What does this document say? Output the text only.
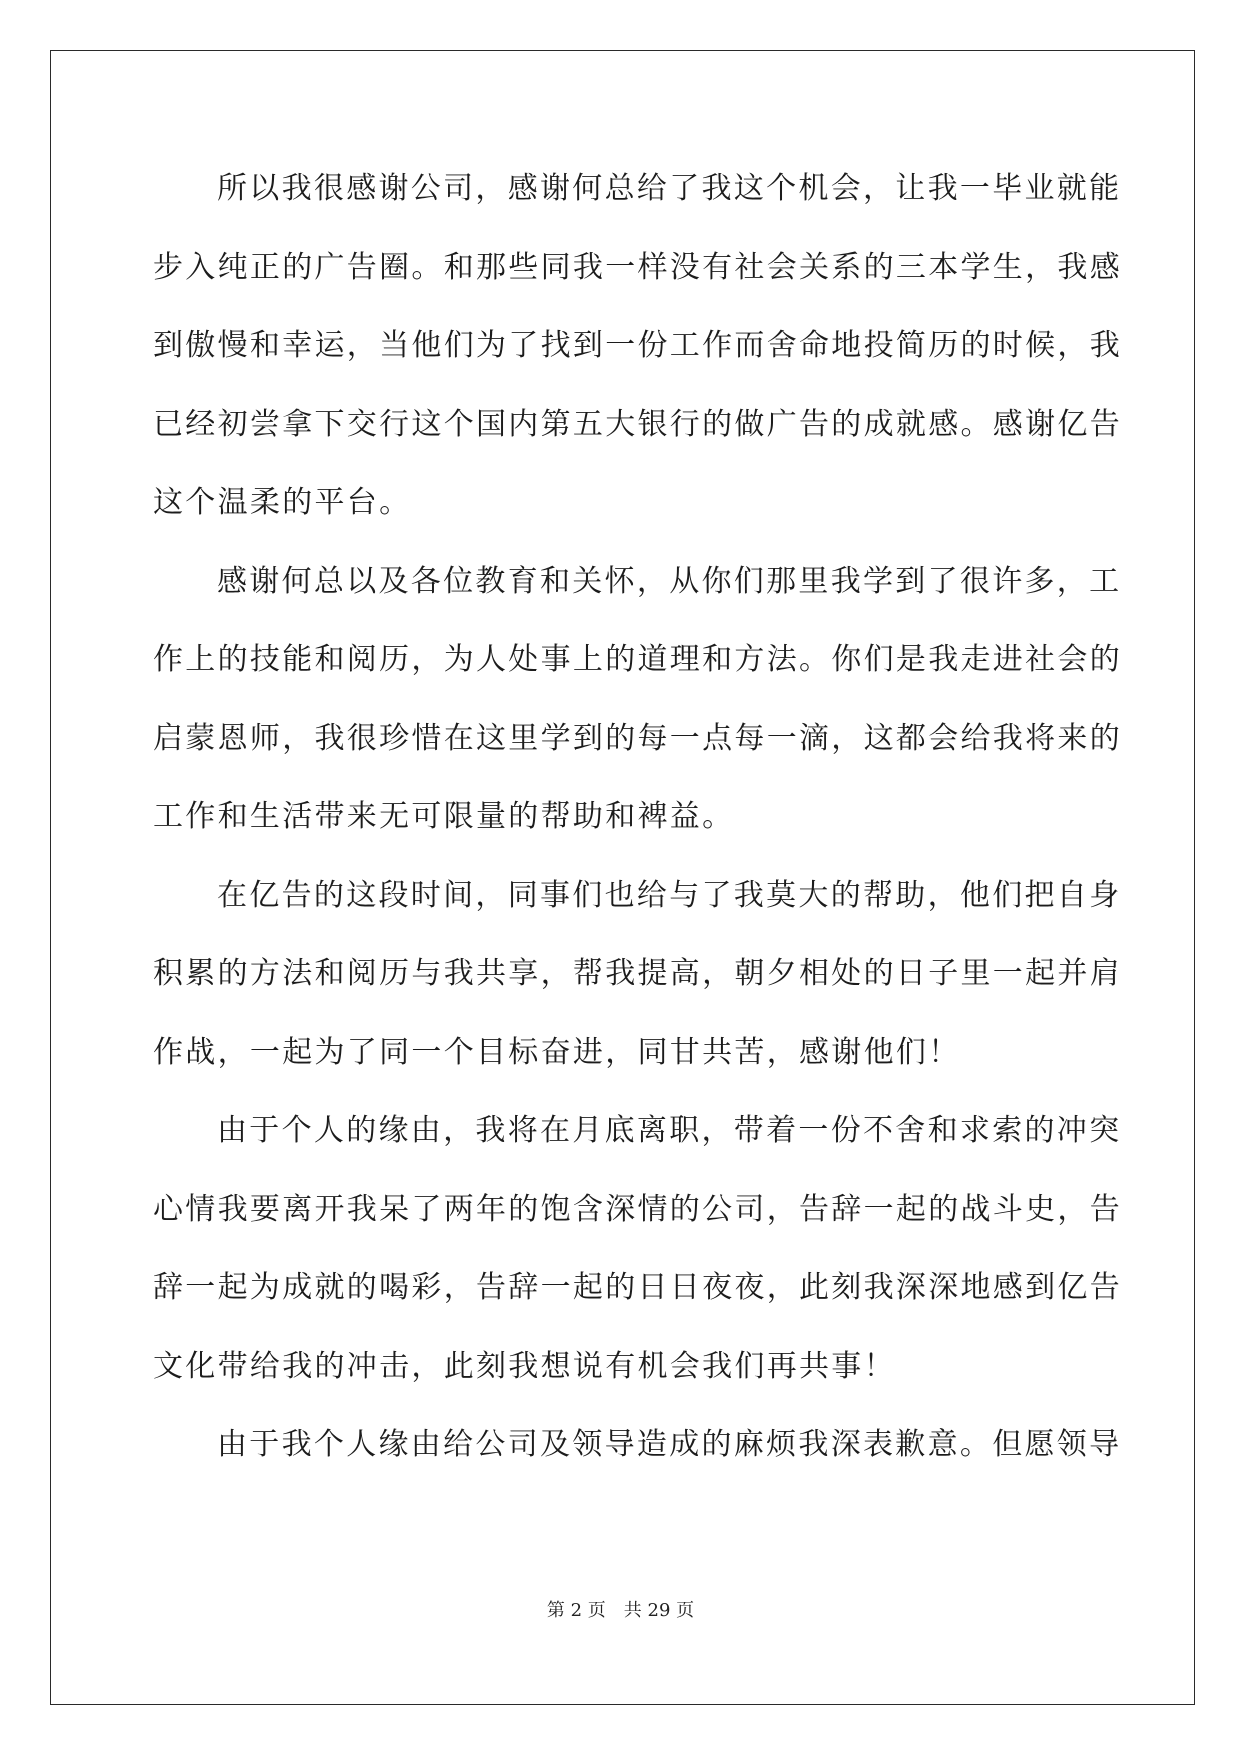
所以我很感谢公司，感谢何总给了我这个机会，让我一毕业就能
步入纯正的广告圈。和那些同我一样没有社会关系的三本学生，我感
到傲慢和幸运，当他们为了找到一份工作而舍命地投简历的时候，我
已经初尝拿下交行这个国内第五大银行的做广告的成就感。感谢亿告
这个温柔的平台。

感谢何总以及各位教育和关怀，从你们那里我学到了很许多，工
作上的技能和阅历，为人处事上的道理和方法。你们是我走进社会的
启蒙恩师，我很珍惜在这里学到的每一点每一滴，这都会给我将来的
工作和生活带来无可限量的帮助和裨益。

在亿告的这段时间，同事们也给与了我莫大的帮助，他们把自身
积累的方法和阅历与我共享，帮我提高，朝夕相处的日子里一起并肩
作战，一起为了同一个目标奋进，同甘共苦，感谢他们！

由于个人的缘由，我将在月底离职，带着一份不舍和求索的冲突
心情我要离开我呆了两年的饱含深情的公司，告辞一起的战斗史，告
辞一起为成就的喝彩，告辞一起的日日夜夜，此刻我深深地感到亿告
文化带给我的冲击，此刻我想说有机会我们再共事！

由于我个人缘由给公司及领导造成的麻烦我深表歉意。但愿领导

第 2 页 共 29 页
